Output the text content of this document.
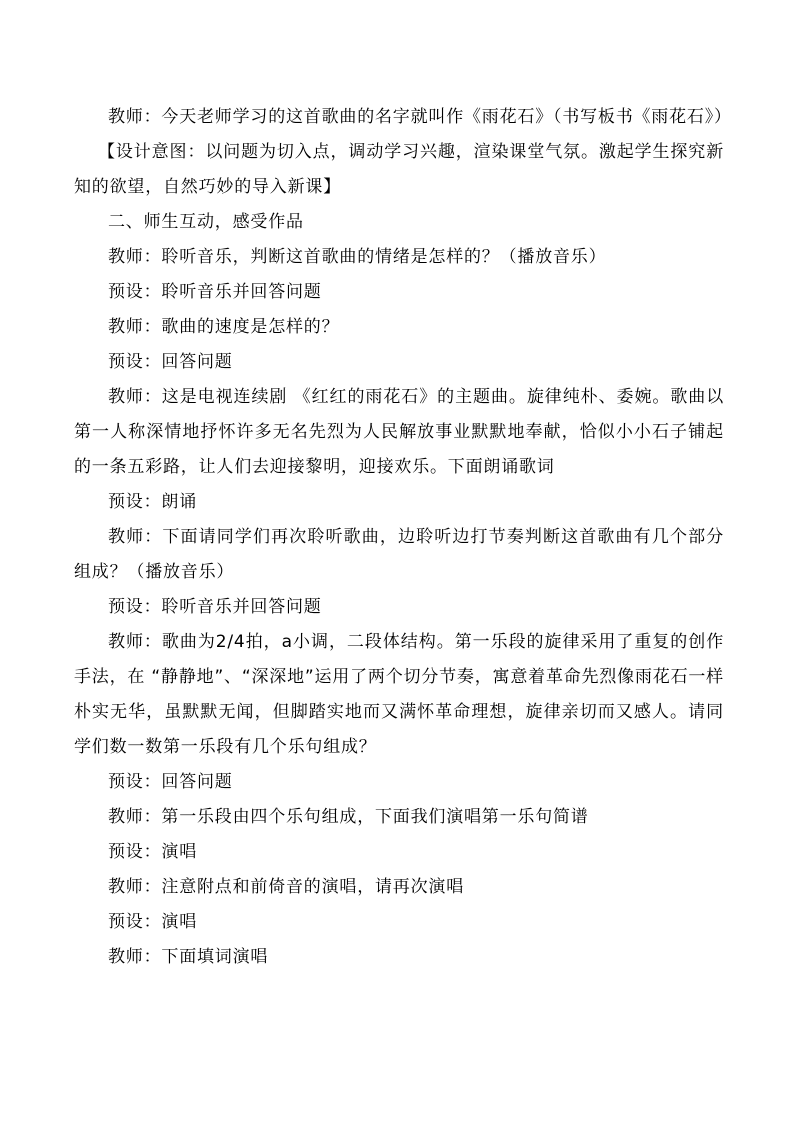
教师：今天老师学习的这首歌曲的名字就叫作《雨花石》（书写板书《雨花石》）

【设计意图：以问题为切入点，调动学习兴趣，渲染课堂气氛。激起学生探究新知的欲望，自然巧妙的导入新课】

二、师生互动，感受作品

教师：聆听音乐，判断这首歌曲的情绪是怎样的？（播放音乐）

预设：聆听音乐并回答问题

教师：歌曲的速度是怎样的？

预设：回答问题

教师：这是电视连续剧 《红红的雨花石》的主题曲。旋律纯朴、委婉。歌曲以第一人称深情地抒怀许多无名先烈为人民解放事业默默地奉献，恰似小小石子铺起的一条五彩路，让人们去迎接黎明，迎接欢乐。下面朗诵歌词

预设：朗诵

教师：下面请同学们再次聆听歌曲，边聆听边打节奏判断这首歌曲有几个部分组成？（播放音乐）

预设：聆听音乐并回答问题

教师：歌曲为2/4拍，a小调，二段体结构。第一乐段的旋律采用了重复的创作手法，在 “静静地”、“深深地”运用了两个切分节奏，寓意着革命先烈像雨花石一样朴实无华，虽默默无闻，但脚踏实地而又满怀革命理想，旋律亲切而又感人。请同学们数一数第一乐段有几个乐句组成？

预设：回答问题

教师：第一乐段由四个乐句组成，下面我们演唱第一乐句简谱

预设：演唱

教师：注意附点和前倚音的演唱，请再次演唱

预设：演唱

教师：下面填词演唱
